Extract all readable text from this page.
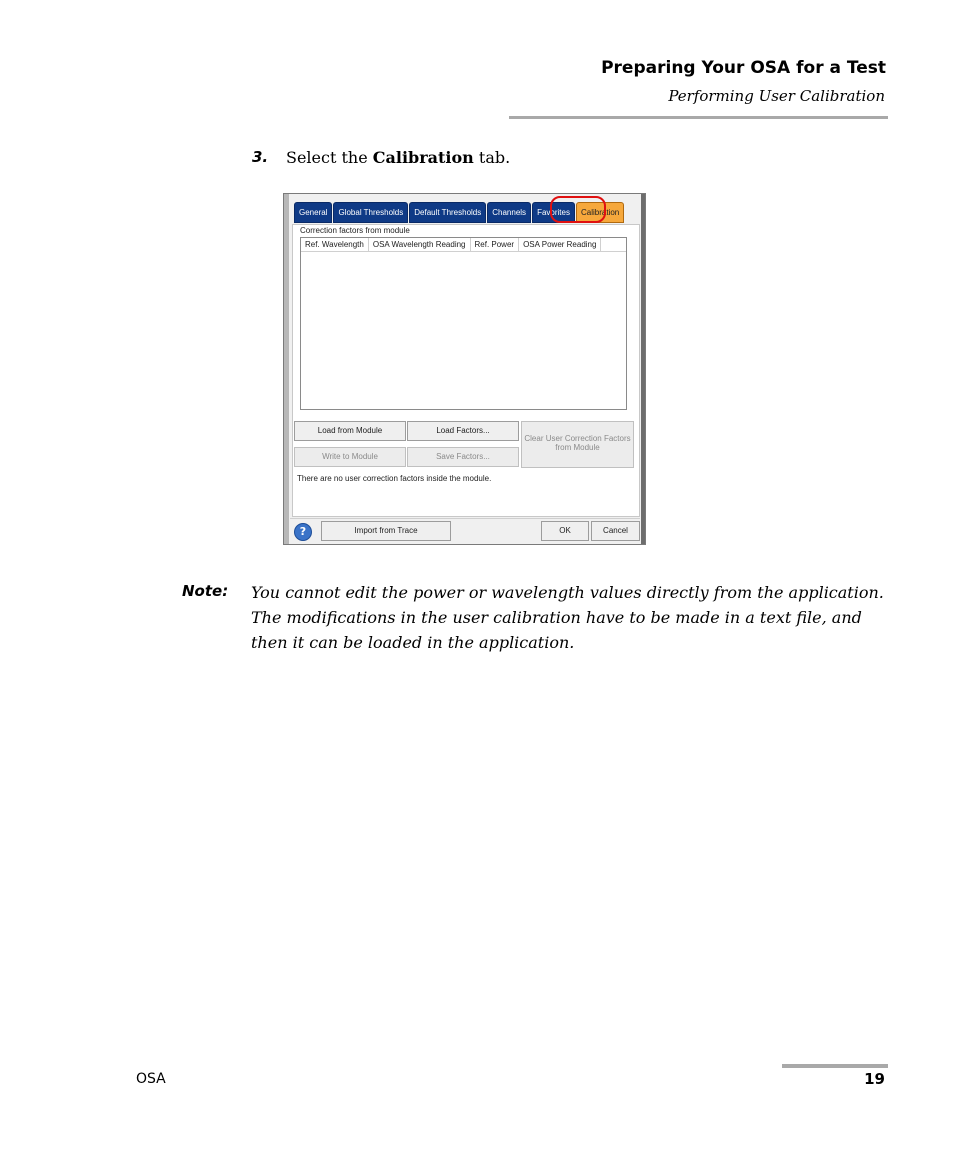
Preparing Your OSA for a Test
Performing User Calibration
3. Select the Calibration tab.
General	Global Thresholds	Default Thresholds	Channels	Favorites	Calibration
Correction factors from module
Ref. Wavelength	OSA Wavelength Reading	Ref. Power	OSA Power Reading
Load from Module	Load Factors...
Clear User Correction Factors from Module
Write to Module	Save Factors...
There are no user correction factors inside the module.
?	Import from Trace	OK	Cancel
Note: You cannot edit the power or wavelength values directly from the application. The modifications in the user calibration have to be made in a text file, and then it can be loaded in the application.

OSA	19
